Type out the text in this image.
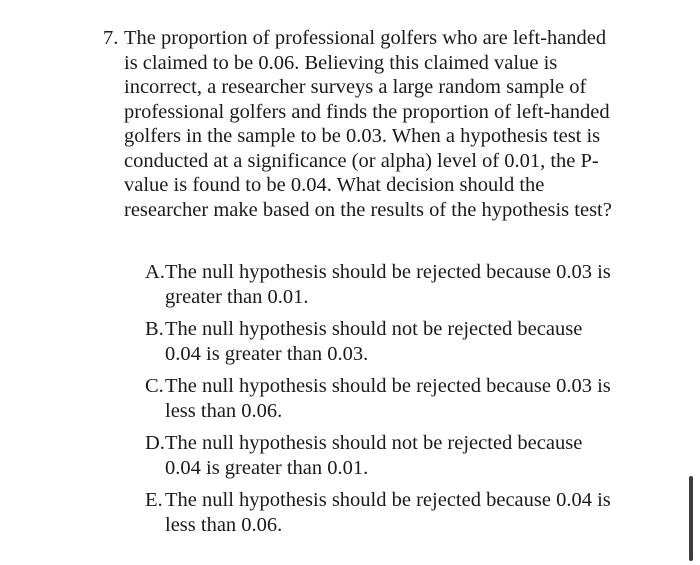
7. The proportion of professional golfers who are left-handed
is claimed to be 0.06. Believing this claimed value is
incorrect, a researcher surveys a large random sample of
professional golfers and finds the proportion of left-handed
golfers in the sample to be 0.03. When a hypothesis test is
conducted at a significance (or alpha) level of 0.01, the P-
value is found to be 0.04. What decision should the
researcher make based on the results of the hypothesis test?
A. The null hypothesis should be rejected because 0.03 is
greater than 0.01.
B. The null hypothesis should not be rejected because
0.04 is greater than 0.03.
C. The null hypothesis should be rejected because 0.03 is
less than 0.06.
D. The null hypothesis should not be rejected because
0.04 is greater than 0.01.
E. The null hypothesis should be rejected because 0.04 is
less than 0.06.
